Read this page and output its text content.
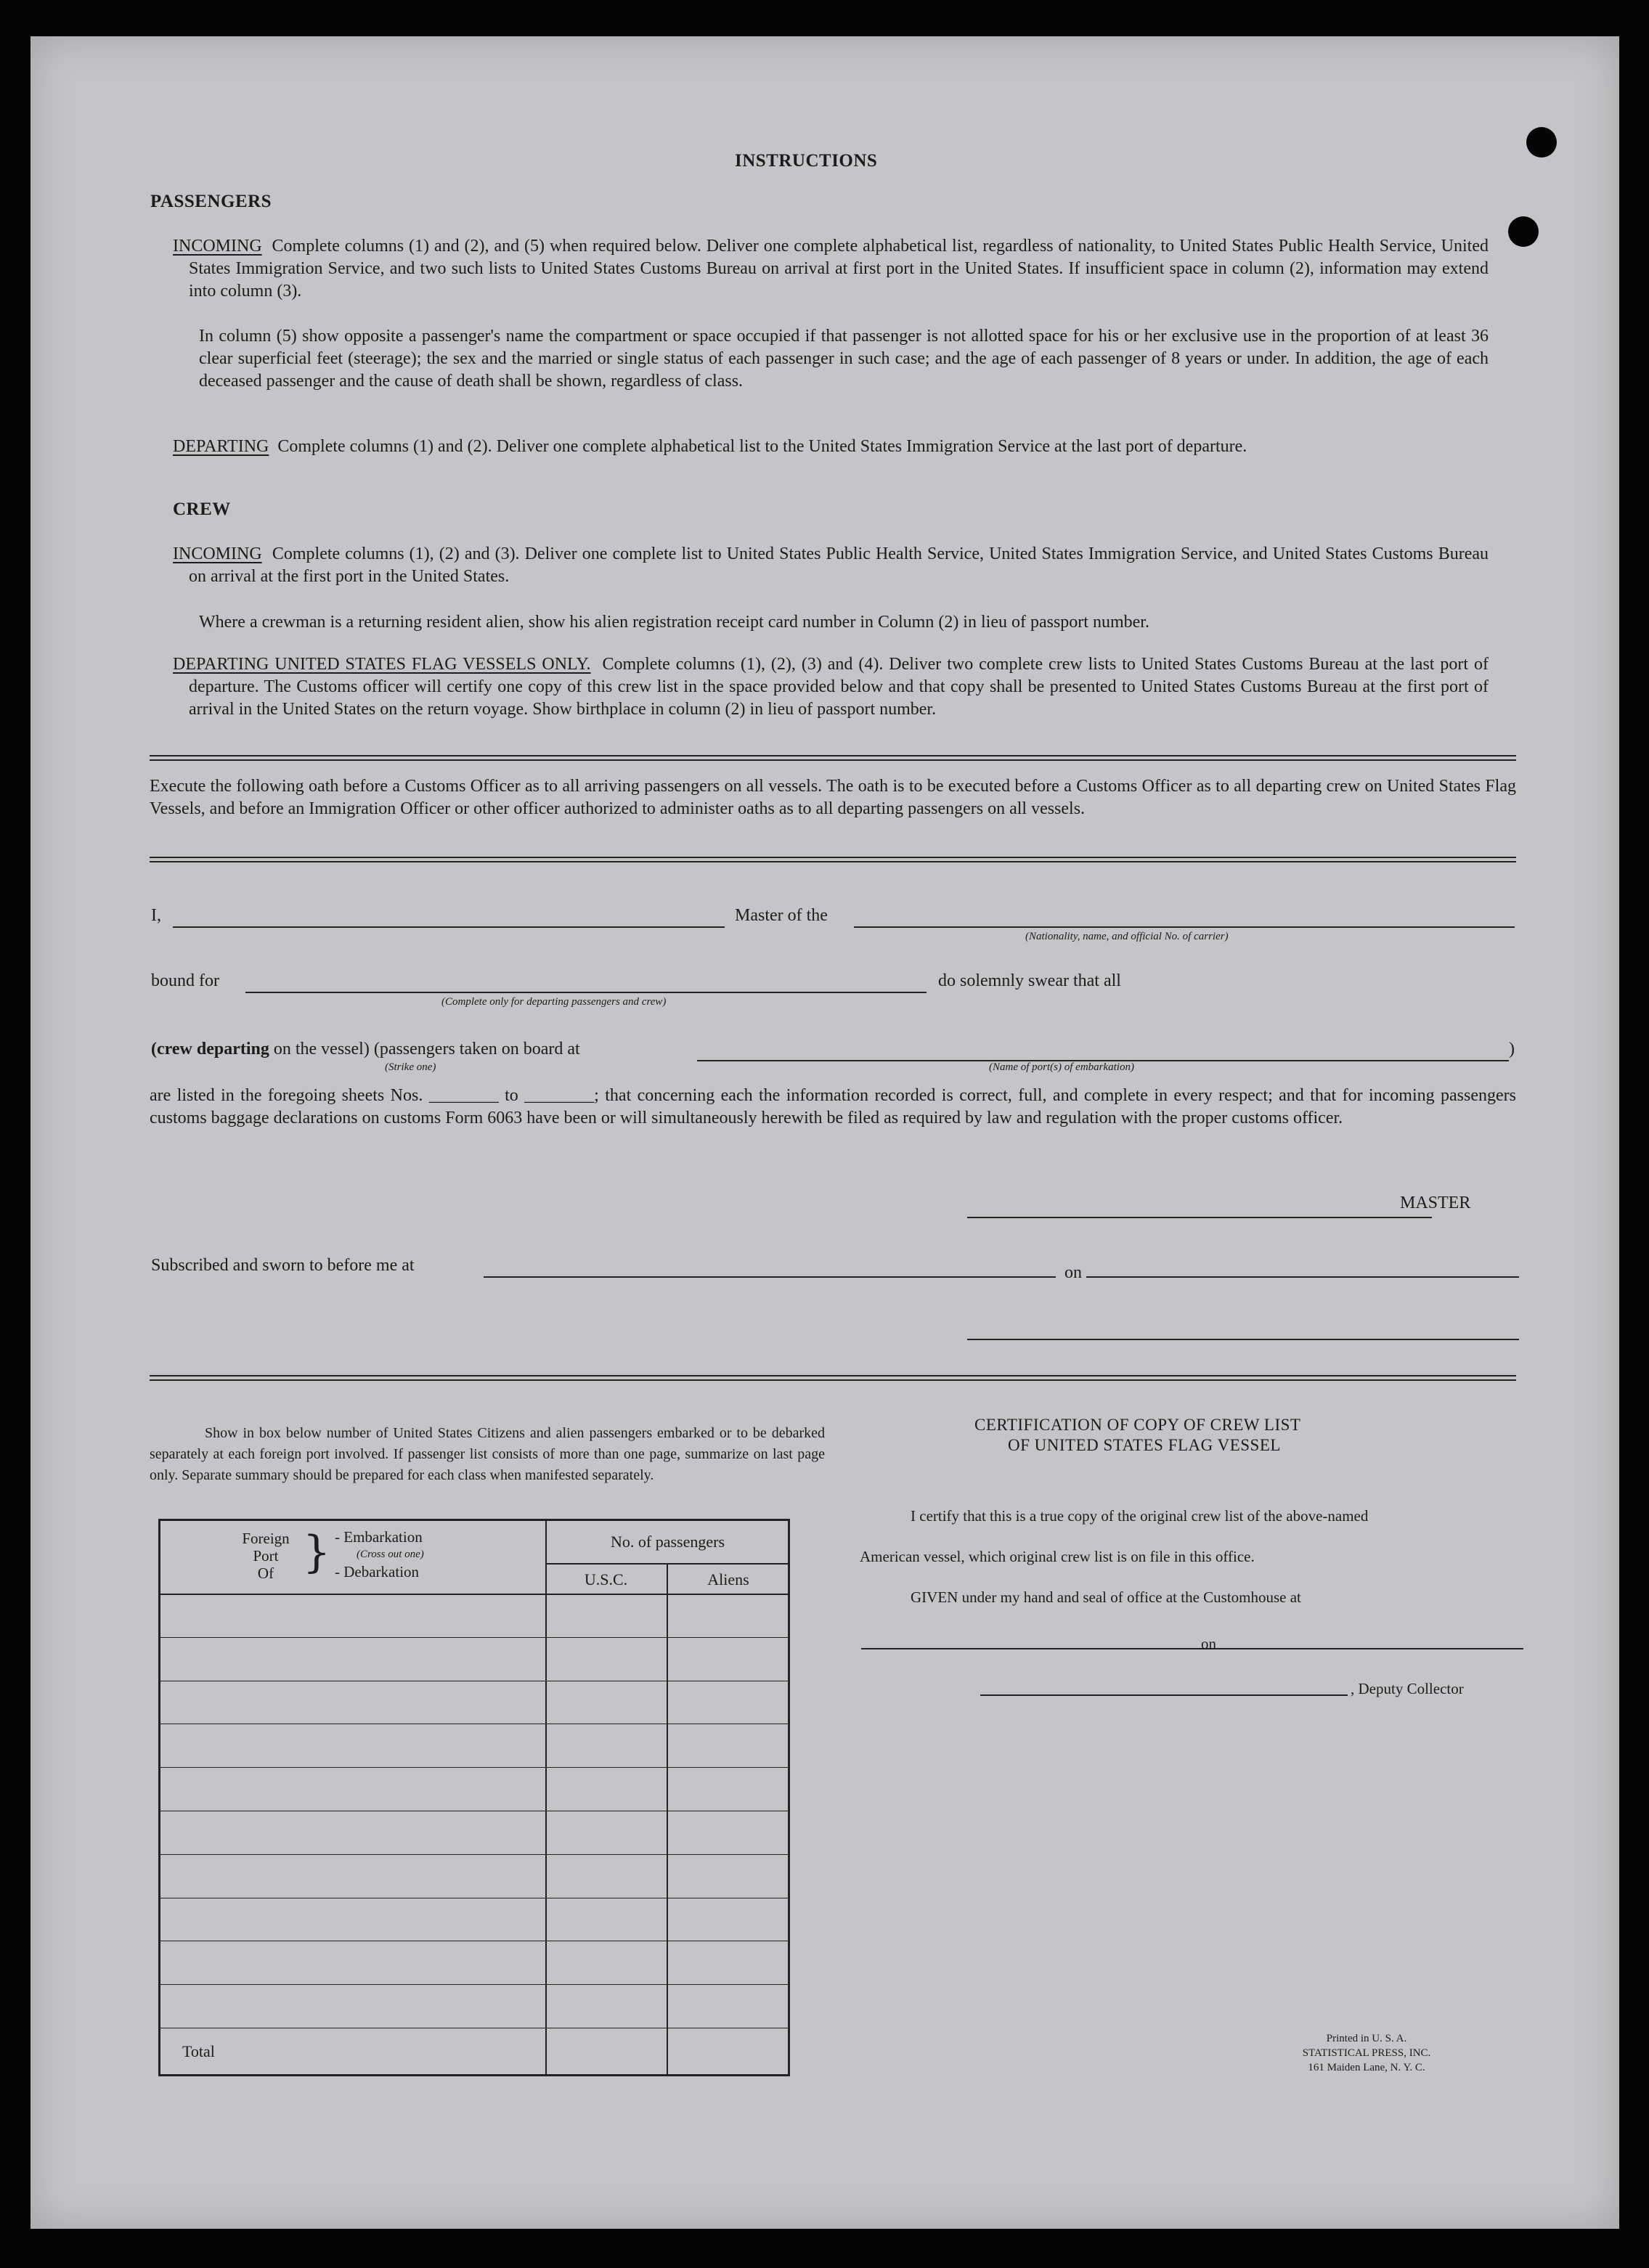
INSTRUCTIONS
PASSENGERS
INCOMING Complete columns (1) and (2), and (5) when required below. Deliver one complete alphabetical list, regardless of nationality, to United States Public Health Service, United States Immigration Service, and two such lists to United States Customs Bureau on arrival at first port in the United States. If insufficient space in column (2), information may extend into column (3).
In column (5) show opposite a passenger's name the compartment or space occupied if that passenger is not allotted space for his or her exclusive use in the proportion of at least 36 clear superficial feet (steerage); the sex and the married or single status of each passenger in such case; and the age of each passenger of 8 years or under. In addition, the age of each deceased passenger and the cause of death shall be shown, regardless of class.
DEPARTING Complete columns (1) and (2). Deliver one complete alphabetical list to the United States Immigration Service at the last port of departure.
CREW
INCOMING Complete columns (1), (2) and (3). Deliver one complete list to United States Public Health Service, United States Immigration Service, and United States Customs Bureau on arrival at the first port in the United States.
Where a crewman is a returning resident alien, show his alien registration receipt card number in Column (2) in lieu of passport number.
DEPARTING UNITED STATES FLAG VESSELS ONLY. Complete columns (1), (2), (3) and (4). Deliver two complete crew lists to United States Customs Bureau at the last port of departure. The Customs officer will certify one copy of this crew list in the space provided below and that copy shall be presented to United States Customs Bureau at the first port of arrival in the United States on the return voyage. Show birthplace in column (2) in lieu of passport number.
Execute the following oath before a Customs Officer as to all arriving passengers on all vessels. The oath is to be executed before a Customs Officer as to all departing crew on United States Flag Vessels, and before an Immigration Officer or other officer authorized to administer oaths as to all departing passengers on all vessels.
I,	Master of the
(Nationality, name, and official No. of carrier)
bound for
(Complete only for departing passengers and crew)
do solemnly swear that all
(crew departing on the vessel) (passengers taken on board at	)
(Strike one)	(Name of port(s) of embarkation)
are listed in the foregoing sheets Nos. ________ to ________; that concerning each the information recorded is correct, full, and complete in every respect; and that for incoming passengers customs baggage declarations on customs Form 6063 have been or will simultaneously herewith be filed as required by law and regulation with the proper customs officer.
MASTER
Subscribed and sworn to before me at	on
Show in box below number of United States Citizens and alien passengers embarked or to be debarked separately at each foreign port involved. If passenger list consists of more than one page, summarize on last page only. Separate summary should be prepared for each class when manifested separately.
Foreign
Port
Of } - Embarkation
(Cross out one)
- Debarkation
No. of passengers
U.S.C.	Aliens
Total
CERTIFICATION OF COPY OF CREW LIST
OF UNITED STATES FLAG VESSEL
I certify that this is a true copy of the original crew list of the above-named
American vessel, which original crew list is on file in this office.
GIVEN under my hand and seal of office at the Customhouse at
on
, Deputy Collector
Printed in U. S. A.
STATISTICAL PRESS, INC.
161 Maiden Lane, N. Y. C.
